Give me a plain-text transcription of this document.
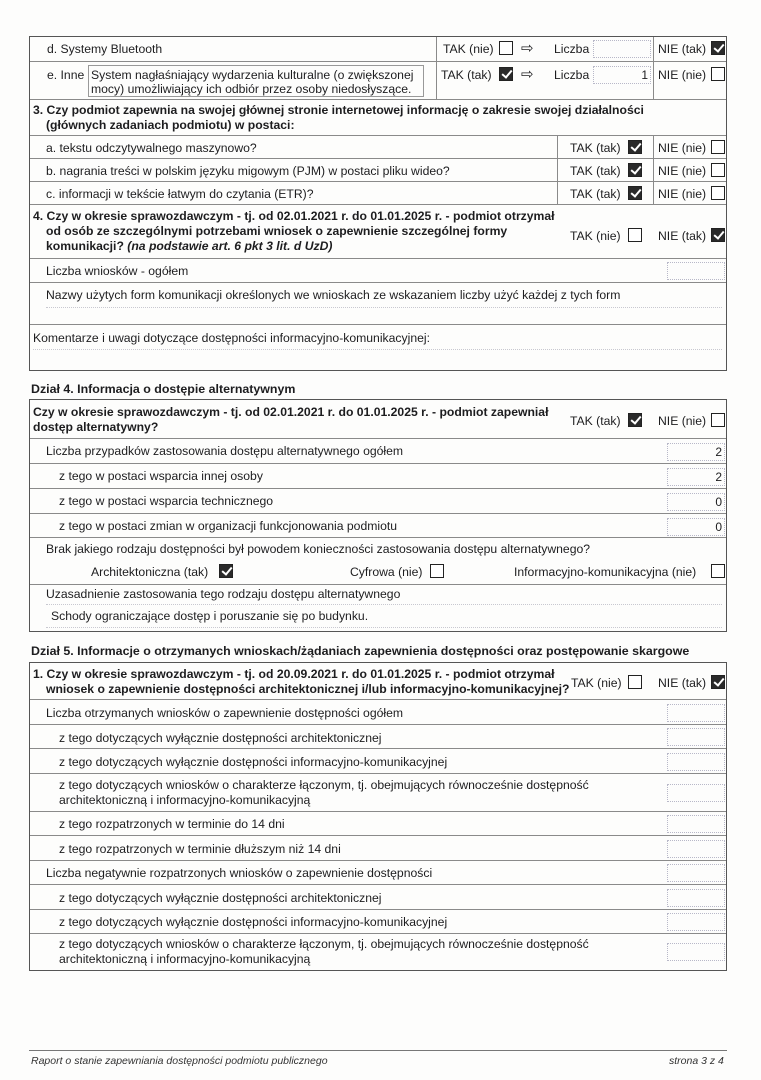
d. Systemy Bluetooth	TAK (nie) ⇨ Liczba	NIE (tak)
e. Inne System nagłaśniający wydarzenia kulturalne (o zwiększonej
mocy) umożliwiający ich odbiór przez osoby niedosłyszące.
TAK (tak) ⇨ Liczba	1 NIE (nie)
3. Czy podmiot zapewnia na swojej głównej stronie internetowej informację o zakresie swojej działalności
(głównych zadaniach podmiotu) w postaci:
a. tekstu odczytywalnego maszynowo?	TAK (tak)	NIE (nie)
b. nagrania treści w polskim języku migowym (PJM) w postaci pliku wideo?	TAK (tak)	NIE (nie)
c. informacji w tekście łatwym do czytania (ETR)?	TAK (tak)	NIE (nie)
4. Czy w okresie sprawozdawczym - tj. od 02.01.2021 r. do 01.01.2025 r. - podmiot otrzymał
od osób ze szczególnymi potrzebami wniosek o zapewnienie szczególnej formy
komunikacji? (na podstawie art. 6 pkt 3 lit. d UzD)
TAK (nie)	NIE (tak)
Liczba wniosków - ogółem
Nazwy użytych form komunikacji określonych we wnioskach ze wskazaniem liczby użyć każdej z tych form
Komentarze i uwagi dotyczące dostępności informacyjno-komunikacyjnej:
Dział 4. Informacja o dostępie alternatywnym
Czy w okresie sprawozdawczym - tj. od 02.01.2021 r. do 01.01.2025 r. - podmiot zapewniał
dostęp alternatywny?	TAK (tak)	NIE (nie)
Liczba przypadków zastosowania dostępu alternatywnego ogółem	2
z tego w postaci wsparcia innej osoby	2
z tego w postaci wsparcia technicznego	0
z tego w postaci zmian w organizacji funkcjonowania podmiotu	0
Brak jakiego rodzaju dostępności był powodem konieczności zastosowania dostępu alternatywnego?
Architektoniczna (tak)	Cyfrowa (nie)	Informacyjno-komunikacyjna (nie)
Uzasadnienie zastosowania tego rodzaju dostępu alternatywnego
Schody ograniczające dostęp i poruszanie się po budynku.
Dział 5. Informacje o otrzymanych wnioskach/żądaniach zapewnienia dostępności oraz postępowanie skargowe
1. Czy w okresie sprawozdawczym - tj. od 20.09.2021 r. do 01.01.2025 r. - podmiot otrzymał
wniosek o zapewnienie dostępności architektonicznej i/lub informacyjno-komunikacyjnej? TAK (nie)	NIE (tak)
Liczba otrzymanych wniosków o zapewnienie dostępności ogółem
z tego dotyczących wyłącznie dostępności architektonicznej
z tego dotyczących wyłącznie dostępności informacyjno-komunikacyjnej
z tego dotyczących wniosków o charakterze łączonym, tj. obejmujących równocześnie dostępność
architektoniczną i informacyjno-komunikacyjną
z tego rozpatrzonych w terminie do 14 dni
z tego rozpatrzonych w terminie dłuższym niż 14 dni
Liczba negatywnie rozpatrzonych wniosków o zapewnienie dostępności
z tego dotyczących wyłącznie dostępności architektonicznej
z tego dotyczących wyłącznie dostępności informacyjno-komunikacyjnej
z tego dotyczących wniosków o charakterze łączonym, tj. obejmujących równocześnie dostępność
architektoniczną i informacyjno-komunikacyjną
Raport o stanie zapewniania dostępności podmiotu publicznego	strona 3 z 4
